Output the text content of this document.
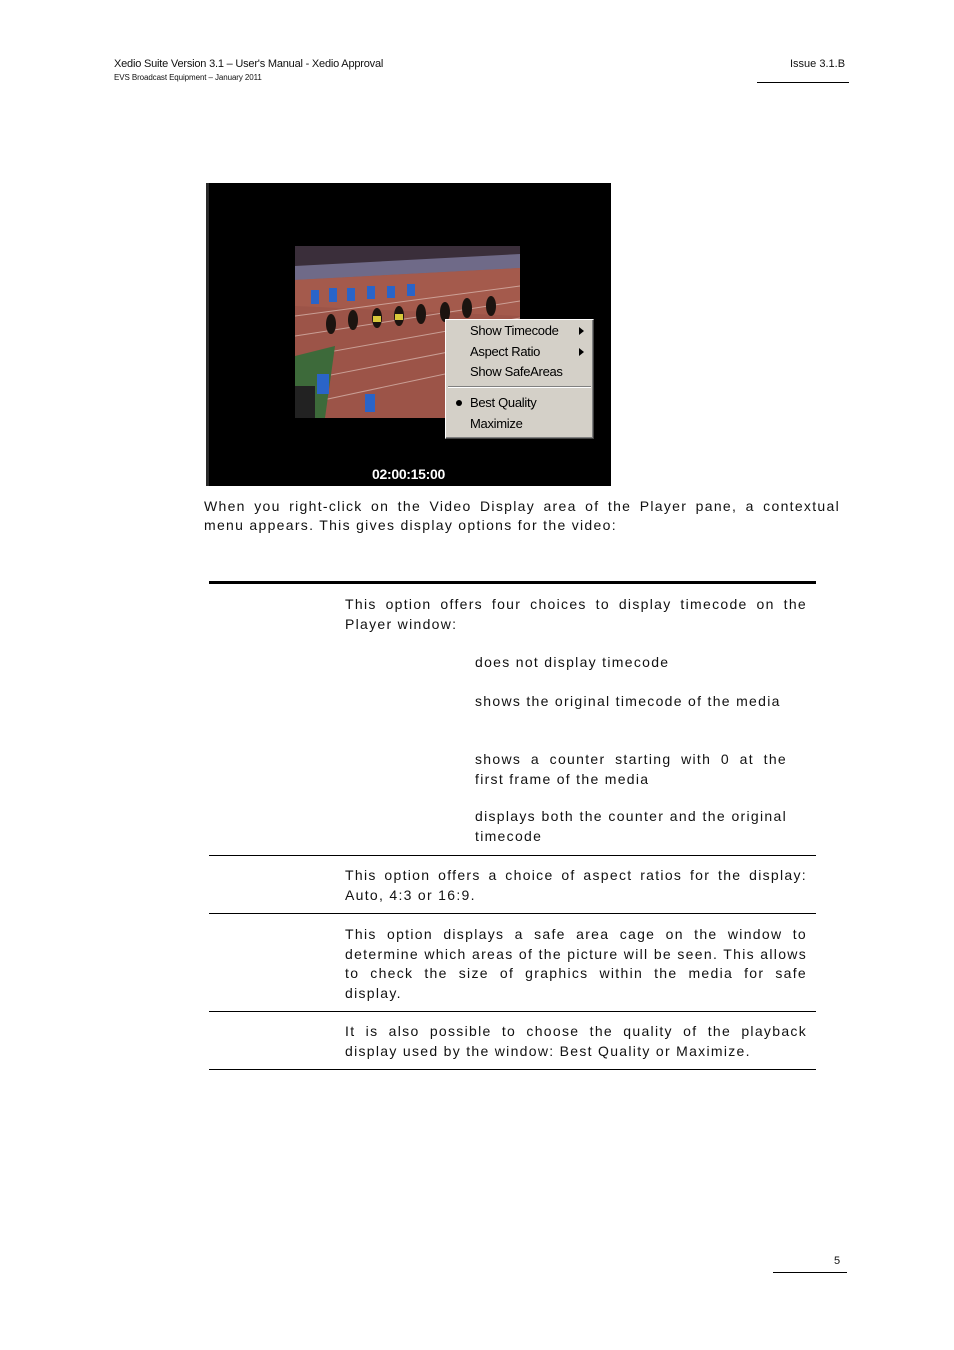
Xedio Suite Version 3.1 – User's Manual - Xedio Approval
EVS Broadcast Equipment – January 2011
Issue 3.1.B
Show Timecode
Aspect Ratio
Show SafeAreas
Best Quality
Maximize
02:00:15:00
When you right-click on the Video Display area of the Player pane, a contextual menu appears. This gives display options for the video:
This option offers four choices to display timecode on the Player window:
does not display timecode
shows the original timecode of the media
shows a counter starting with 0 at the first frame of the media
displays both the counter and the original timecode
This option offers a choice of aspect ratios for the display: Auto, 4:3 or 16:9.
This option displays a safe area cage on the window to determine which areas of the picture will be seen. This allows to check the size of graphics within the media for safe display.
It is also possible to choose the quality of the playback display used by the window: Best Quality or Maximize.
5
